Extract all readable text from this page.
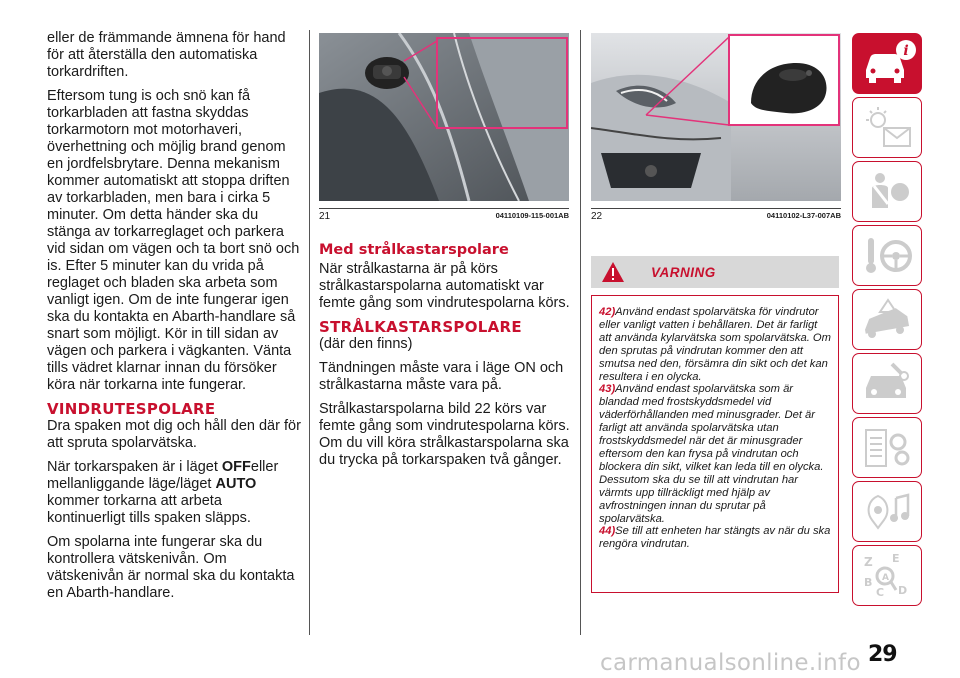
eller de främmande ämnena för hand för att återställa den automatiska torkardriften.

Eftersom tung is och snö kan få torkarbladen att fastna skyddas torkarmotorn mot motorhaveri, överhettning och möjlig brand genom en jordfelsbrytare. Denna mekanism kommer automatiskt att stoppa driften av torkarbladen, men bara i cirka 5 minuter. Om detta händer ska du stänga av torkarreglaget och parkera vid sidan om vägen och ta bort snö och is. Efter 5 minuter kan du vrida på reglaget och bladen ska arbeta som vanligt igen. Om de inte fungerar igen ska du kontakta en Abarth-handlare så snart som möjligt. Kör in till sidan av vägen och parkera i vägkanten. Vänta tills vädret klarnar innan du försöker köra när torkarna inte fungerar.

VINDRUTESPOLARE

Dra spaken mot dig och håll den där för att spruta spolarvätska.

När torkarspaken är i läget OFFeller mellanliggande läge/läget AUTO
kommer torkarna att arbeta kontinuerligt tills spaken släpps.

Om spolarna inte fungerar ska du kontrollera vätskenivån. Om vätskenivån är normal ska du kontakta en Abarth-handlare.

21	04110109-115-001AB 22	04110102-L37-007AB
Med strålkastarspolare

När strålkastarna är på körs strålkastarspolarna automatiskt var femte gång som vindrutespolarna körs.

STRÅLKASTARSPOLARE

(där den finns)

Tändningen måste vara i läge ON och strålkastarna måste vara på.

Strålkastarspolarna bild 22 körs var femte gång som vindrutespolarna körs. Om du vill köra strålkastarspolarna ska du trycka på torkarspaken två gånger.

VARNING
42)Använd endast spolarvätska för vindrutor eller vanligt vatten i behållaren. Det är farligt att använda kylarvätska som spolarvätska. Om den sprutas på vindrutan kommer den att smutsa ned den, försämra din sikt och det kan resultera i en olycka.
43)Använd endast spolarvätska som är blandad med frostskyddsmedel vid väderförhållanden med minusgrader. Det är farligt att använda spolarvätska utan frostskyddsmedel när det är minusgrader eftersom den kan frysa på vindrutan och blockera din sikt, vilket kan leda till en olycka. Dessutom ska du se till att vindrutan har värmts upp tillräckligt med hjälp av avfrostningen innan du sprutar på spolarvätska.
44)Se till att enheten har stängts av när du ska rengöra vindrutan.
i
Z E
B
C D
A
29
carmanualsonline.info
